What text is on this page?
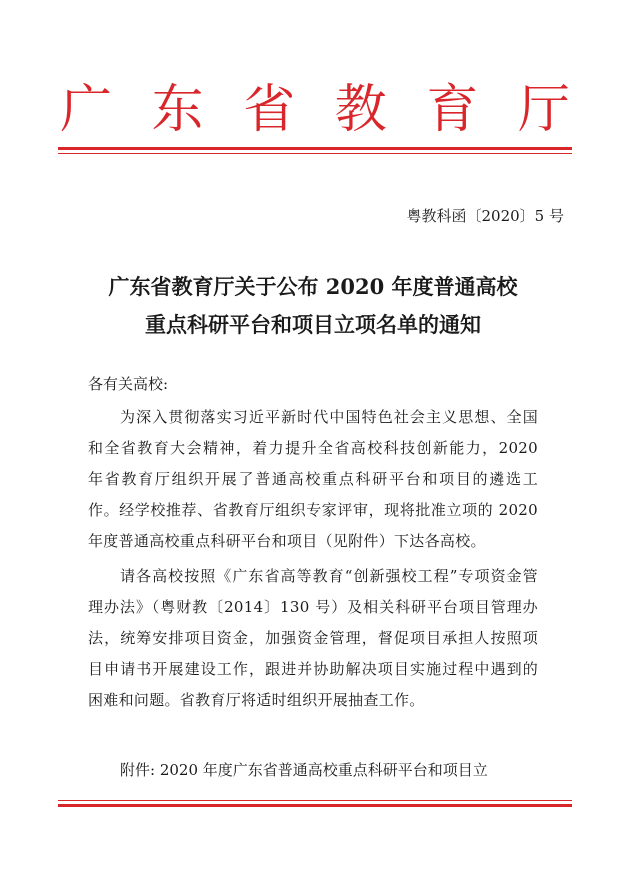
广 东 省 教 育 厅
粤教科函〔2020〕5 号
广东省教育厅关于公布 2020 年度普通高校
重点科研平台和项目立项名单的通知
各有关高校:
为深入贯彻落实习近平新时代中国特色社会主义思想、全国
和全省教育大会精神，着力提升全省高校科技创新能力，2020
年省教育厅组织开展了普通高校重点科研平台和项目的遴选工
作。经学校推荐、省教育厅组织专家评审，现将批准立项的 2020
年度普通高校重点科研平台和项目（见附件）下达各高校。
请各高校按照《广东省高等教育“创新强校工程”专项资金管
理办法》（粤财教〔2014〕130 号）及相关科研平台项目管理办
法，统筹安排项目资金，加强资金管理，督促项目承担人按照项
目申请书开展建设工作，跟进并协助解决项目实施过程中遇到的
困难和问题。省教育厅将适时组织开展抽查工作。
附件: 2020 年度广东省普通高校重点科研平台和项目立
